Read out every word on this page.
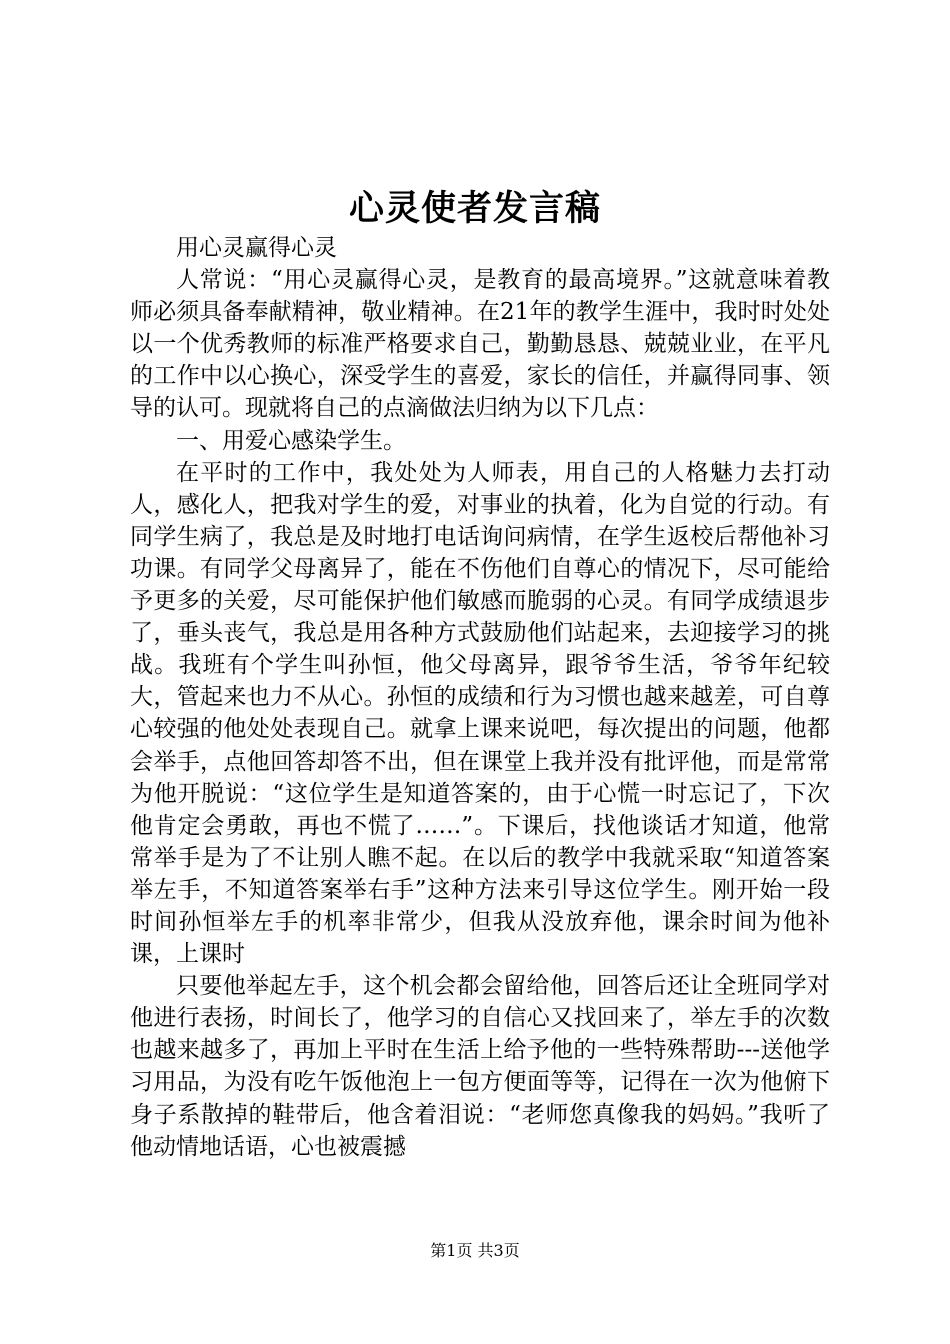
心灵使者发言稿

用心灵赢得心灵

人常说：“用心灵赢得心灵，是教育的最高境界。”这就意味着教师必须具备奉献精神，敬业精神。在21年的教学生涯中，我时时处处以一个优秀教师的标准严格要求自己，勤勤恳恳、兢兢业业，在平凡的工作中以心换心，深受学生的喜爱，家长的信任，并赢得同事、领导的认可。现就将自己的点滴做法归纳为以下几点：

一、用爱心感染学生。

在平时的工作中，我处处为人师表，用自己的人格魅力去打动人，感化人，把我对学生的爱，对事业的执着，化为自觉的行动。有同学生病了，我总是及时地打电话询问病情，在学生返校后帮他补习功课。有同学父母离异了，能在不伤他们自尊心的情况下，尽可能给予更多的关爱，尽可能保护他们敏感而脆弱的心灵。有同学成绩退步了，垂头丧气，我总是用各种方式鼓励他们站起来，去迎接学习的挑战。我班有个学生叫孙恒，他父母离异，跟爷爷生活，爷爷年纪较大，管起来也力不从心。孙恒的成绩和行为习惯也越来越差，可自尊心较强的他处处表现自己。就拿上课来说吧，每次提出的问题，他都会举手，点他回答却答不出，但在课堂上我并没有批评他，而是常常为他开脱说：“这位学生是知道答案的，由于心慌一时忘记了，下次他肯定会勇敢，再也不慌了……”。下课后，找他谈话才知道，他常常举手是为了不让别人瞧不起。在以后的教学中我就采取“知道答案举左手，不知道答案举右手”这种方法来引导这位学生。刚开始一段时间孙恒举左手的机率非常少，但我从没放弃他，课余时间为他补课，上课时

只要他举起左手，这个机会都会留给他，回答后还让全班同学对他进行表扬，时间长了，他学习的自信心又找回来了，举左手的次数也越来越多了，再加上平时在生活上给予他的一些特殊帮助---送他学习用品，为没有吃午饭他泡上一包方便面等等，记得在一次为他俯下身子系散掉的鞋带后，他含着泪说：“老师您真像我的妈妈。”我听了他动情地话语，心也被震撼

第1页 共3页
